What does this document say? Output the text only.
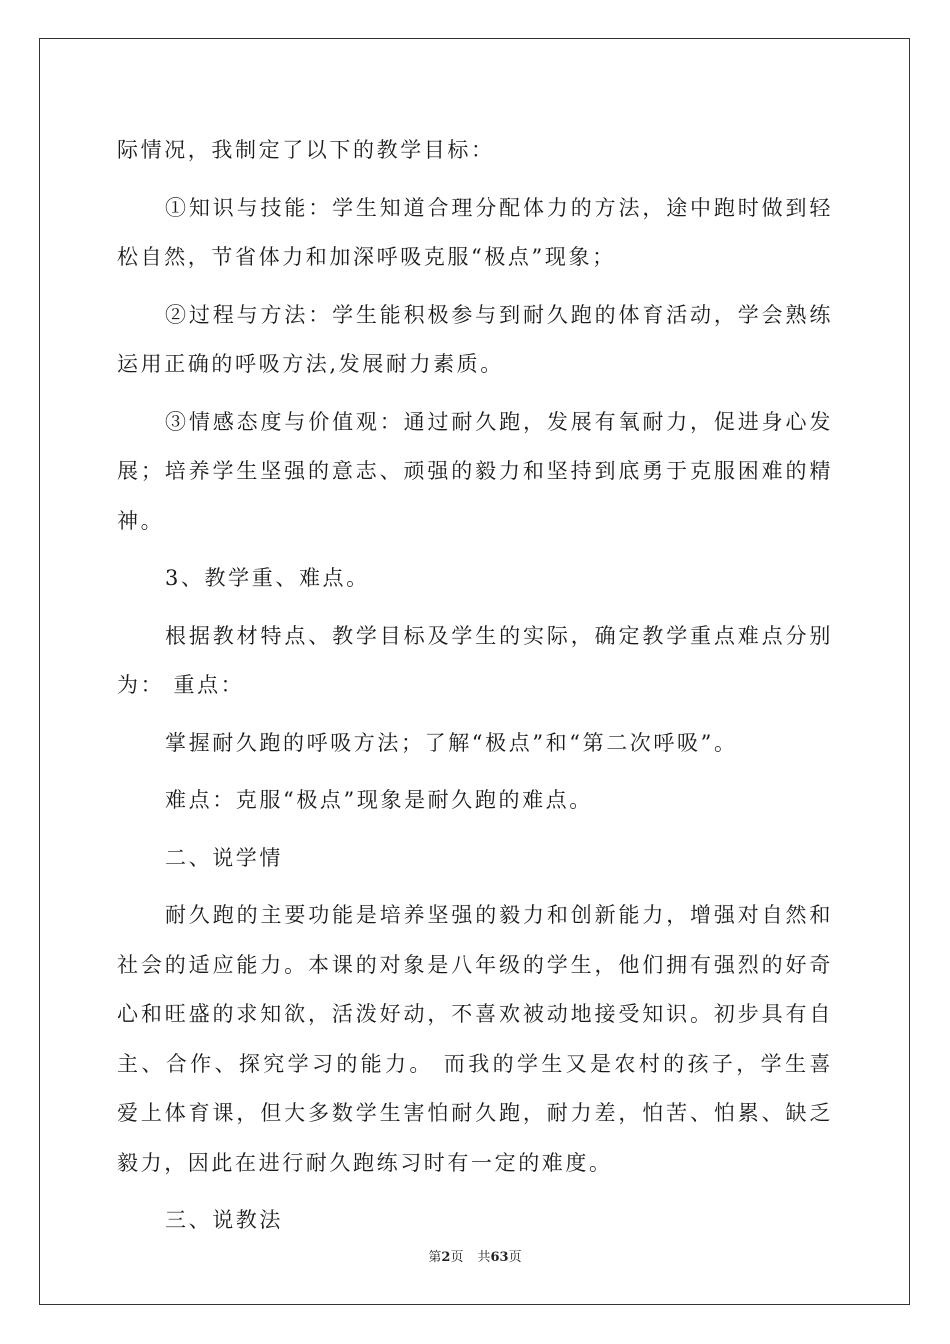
际情况，我制定了以下的教学目标：

①知识与技能：学生知道合理分配体力的方法，途中跑时做到轻松自然，节省体力和加深呼吸克服“极点”现象；

②过程与方法：学生能积极参与到耐久跑的体育活动，学会熟练运用正确的呼吸方法,发展耐力素质。

③情感态度与价值观：通过耐久跑，发展有氧耐力，促进身心发展；培养学生坚强的意志、顽强的毅力和坚持到底勇于克服困难的精神。

3、教学重、难点。

根据教材特点、教学目标及学生的实际，确定教学重点难点分别为： 重点：

掌握耐久跑的呼吸方法；了解“极点”和“第二次呼吸”。

难点：克服“极点”现象是耐久跑的难点。

二、说学情

耐久跑的主要功能是培养坚强的毅力和创新能力，增强对自然和社会的适应能力。本课的对象是八年级的学生，他们拥有强烈的好奇心和旺盛的求知欲，活泼好动，不喜欢被动地接受知识。初步具有自主、合作、探究学习的能力。 而我的学生又是农村的孩子，学生喜爱上体育课，但大多数学生害怕耐久跑，耐力差，怕苦、怕累、缺乏毅力，因此在进行耐久跑练习时有一定的难度。

三、说教法

第2页 共63页
